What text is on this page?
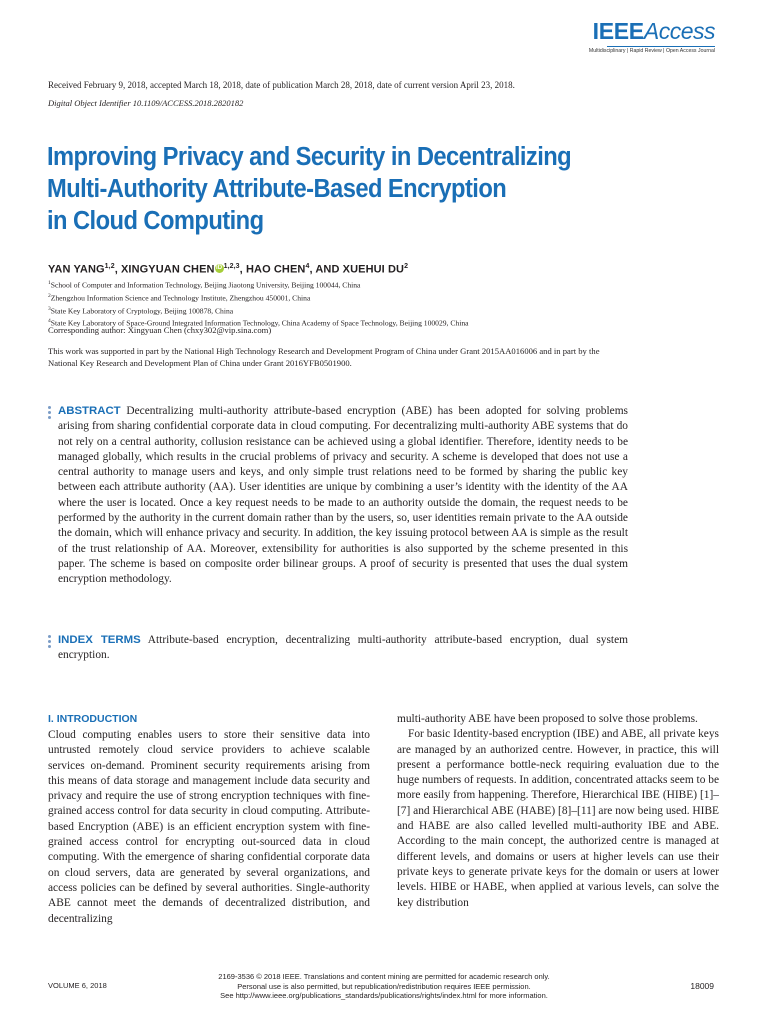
IEEEAccess
Multidisciplinary | Rapid Review | Open Access Journal
Received February 9, 2018, accepted March 18, 2018, date of publication March 28, 2018, date of current version April 23, 2018.
Digital Object Identifier 10.1109/ACCESS.2018.2820182
Improving Privacy and Security in Decentralizing
Multi-Authority Attribute-Based Encryption
in Cloud Computing
YAN YANG$^{1,2}$, XINGYUAN CHENiD$^{1,2,3}$, HAO CHEN$^4$, AND XUEHUI $DU^2$
$^1$School of Computer and Information Technology, Beijing Jiaotong University, Beijing 100044, China
$^2$Zhengzhou Information Science and Technology Institute, Zhengzhou 450001, China
$^3$State Key Laboratory of Cryptology, Beijing 100878, China
$^4$State Key Laboratory of Space-Ground Integrated Information Technology, China Academy of Space Technology, Beijing 100029, China
Corresponding author: Xingyuan Chen (chxy302@vip.sina.com)
This work was supported in part by the National High Technology Research and Development Program of China under Grant 2015AA016006 and in part by the National Key Research and Development Plan of China under Grant 2016YFB0501900.

ABSTRACT Decentralizing multi-authority attribute-based encryption (ABE) has been adopted for solving problems arising from sharing confidential corporate data in cloud computing. For decentralizing multi-authority ABE systems that do not rely on a central authority, collusion resistance can be achieved using a global identifier. Therefore, identity needs to be managed globally, which results in the crucial problems of privacy and security. A scheme is developed that does not use a central authority to manage users and keys, and only simple trust relations need to be formed by sharing the public key between each attribute authority (AA). User identities are unique by combining a user’s identity with the identity of the AA where the user is located. Once a key request needs to be made to an authority outside the domain, the request needs to be performed by the authority in the current domain rather than by the users, so, user identities remain private to the AA outside the domain, which will enhance privacy and security. In addition, the key issuing protocol between AA is simple as the result of the trust relationship of AA. Moreover, extensibility for authorities is also supported by the scheme presented in this paper. The scheme is based on composite order bilinear groups. A proof of security is presented that uses the dual system encryption methodology.

INDEX TERMS Attribute-based encryption, decentralizing multi-authority attribute-based encryption, dual system encryption.

I. INTRODUCTION

Cloud computing enables users to store their sensitive data into untrusted remotely cloud service providers to achieve scalable services on-demand. Prominent security requirements arising from this means of data storage and management include data security and privacy and require the use of strong encryption techniques with fine-grained access control for data security in cloud computing. Attribute-based Encryption (ABE) is an efficient encryption system with fine-grained access control for encrypting out-sourced data in cloud computing. With the emergence of sharing confidential corporate data on cloud servers, data are generated by several organizations, and access policies can be defined by several authorities. Single-authority ABE cannot meet the demands of decentralized distribution, and decentralizing

multi-authority ABE have been proposed to solve those problems.

For basic Identity-based encryption (IBE) and ABE, all private keys are managed by an authorized centre. However, in practice, this will present a performance bottle-neck requiring evaluation due to the huge numbers of requests. In addition, concentrated attacks seem to be more easily from happening. Therefore, Hierarchical IBE (HIBE) [1]–[7] and Hierarchical ABE (HABE) [8]–[11] are now being used. HIBE and HABE are also called levelled multi-authority IBE and ABE. According to the main concept, the authorized centre is managed at different levels, and domains or users at higher levels can use their private keys to generate private keys for the domain or users at lower levels. HIBE or HABE, when applied at various levels, can solve the key distribution

VOLUME 6, 2018
2169-3536 © 2018 IEEE. Translations and content mining are permitted for academic research only.
Personal use is also permitted, but republication/redistribution requires IEEE permission.
See http://www.ieee.org/publications_standards/publications/rights/index.html for more information.
18009
